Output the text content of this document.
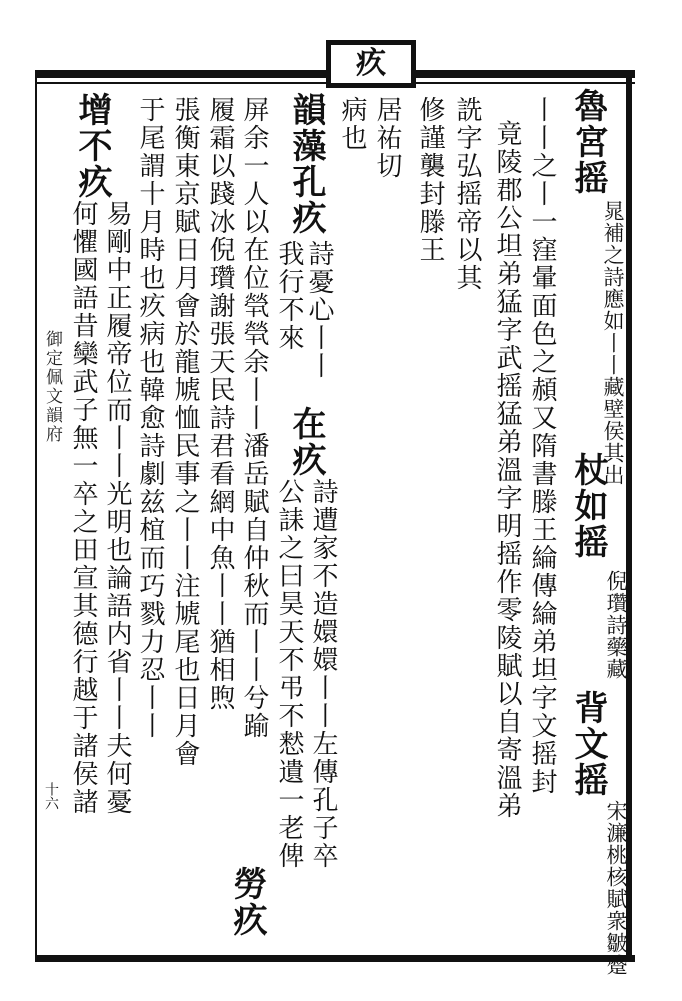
疚
魯宮摇
晁補之詩應如丨丨藏壁侯其出
杖如摇
倪瓚詩藥藏
背文摇
宋濂桃核賦衆皺蹙
丨丨之丨一窪暈面色之頳又隋書滕王綸傳綸弟坦字文摇封
竟陵郡公坦弟猛字武摇猛弟溫字明摇作零陵賦以自寄溫弟
詵字弘摇帝以其
修謹襲封滕王
居祐切
病也
韻藻孔疚
詩憂心丨丨
我行不來
在疚
詩遭家不造嬛嬛丨丨左傳孔子卒
公誄之曰昊天不弔不慭遺一老俾
屏余一人以在位煢煢余丨丨潘岳賦自仲秋而丨丨兮踰
勞疚
履霜以踐冰倪瓚謝張天民詩君看網中魚丨丨猶相煦
張衡東京賦日月會於龍虓恤民事之丨丨注虓尾也日月會
于尾謂十月時也疚病也韓愈詩劇兹椬而巧戮力忍丨丨
增不疚
易剛中正履帝位而丨丨光明也論語内省丨丨夫何憂
何懼國語昔欒武子無一卒之田宣其德行越于諸侯諸
御定佩文韻府
十六
